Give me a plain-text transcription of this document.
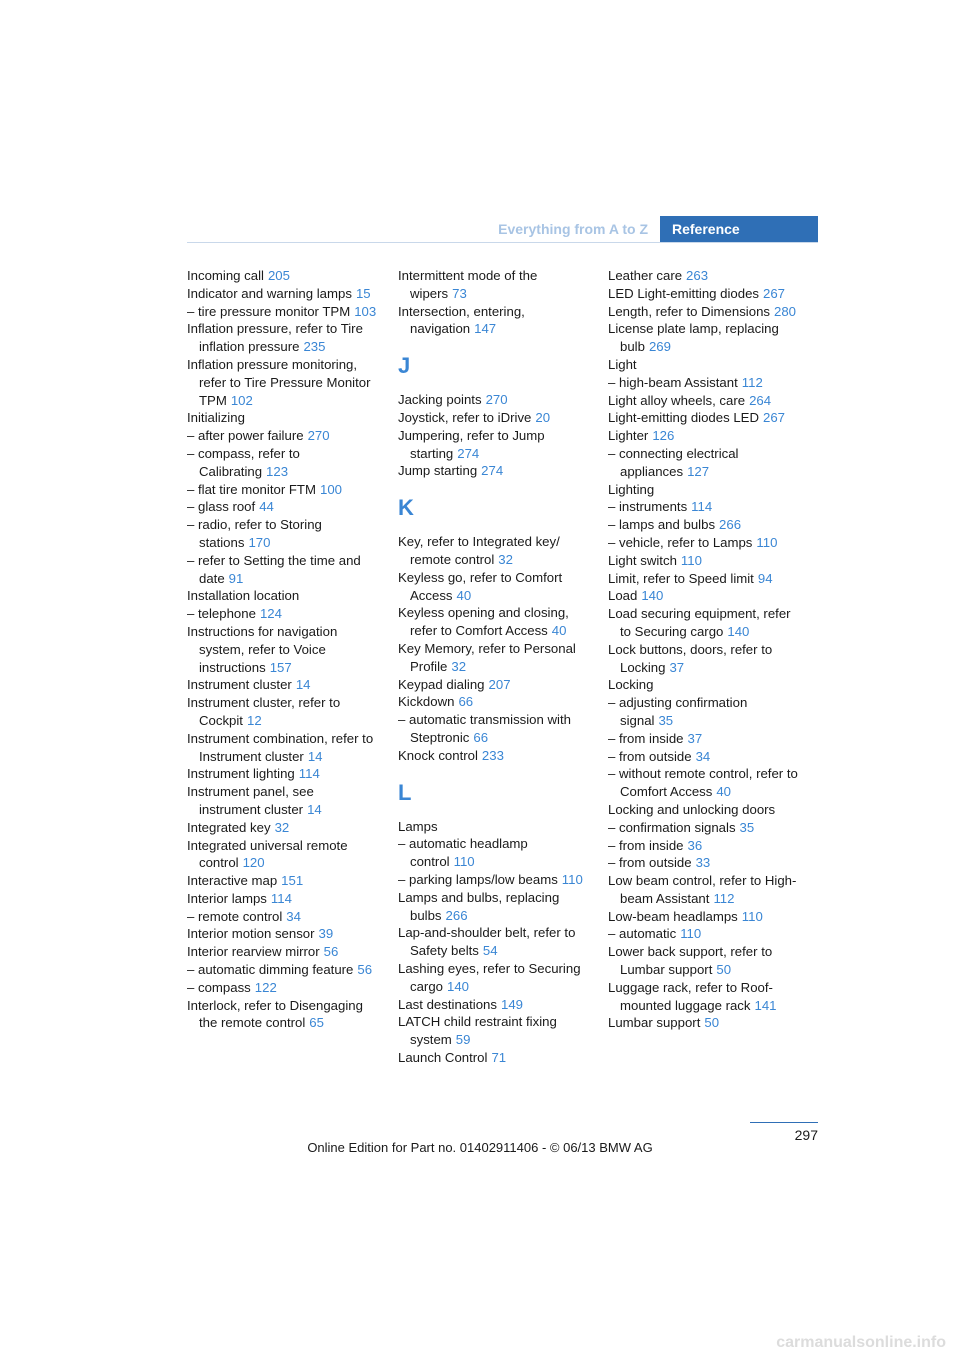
Everything from A to Z	Reference
Incoming call 205
Indicator and warning lamps 15
– tire pressure monitor TPM 103
Inflation pressure, refer to Tire inflation pressure 235
Inflation pressure monitoring, refer to Tire Pressure Monitor TPM 102
Initializing
– after power failure 270
– compass, refer to Calibrating 123
– flat tire monitor FTM 100
– glass roof 44
– radio, refer to Storing stations 170
– refer to Setting the time and date 91
Installation location
– telephone 124
Instructions for navigation system, refer to Voice instructions 157
Instrument cluster 14
Instrument cluster, refer to Cockpit 12
Instrument combination, refer to Instrument cluster 14
Instrument lighting 114
Instrument panel, see instrument cluster 14
Integrated key 32
Integrated universal remote control 120
Interactive map 151
Interior lamps 114
– remote control 34
Interior motion sensor 39
Interior rearview mirror 56
– automatic dimming feature 56
– compass 122
Interlock, refer to Disengaging the remote control 65
Intermittent mode of the wipers 73
Intersection, entering, navigation 147
J
Jacking points 270
Joystick, refer to iDrive 20
Jumpering, refer to Jump starting 274
Jump starting 274
K
Key, refer to Integrated key/ remote control 32
Keyless go, refer to Comfort Access 40
Keyless opening and closing, refer to Comfort Access 40
Key Memory, refer to Personal Profile 32
Keypad dialing 207
Kickdown 66
– automatic transmission with Steptronic 66
Knock control 233
L
Lamps
– automatic headlamp control 110
– parking lamps/low beams 110
Lamps and bulbs, replacing bulbs 266
Lap-and-shoulder belt, refer to Safety belts 54
Lashing eyes, refer to Securing cargo 140
Last destinations 149
LATCH child restraint fixing system 59
Launch Control 71
Leather care 263
LED Light-emitting diodes 267
Length, refer to Dimensions 280
License plate lamp, replacing bulb 269
Light
– high-beam Assistant 112
Light alloy wheels, care 264
Light-emitting diodes LED 267
Lighter 126
– connecting electrical appliances 127
Lighting
– instruments 114
– lamps and bulbs 266
– vehicle, refer to Lamps 110
Light switch 110
Limit, refer to Speed limit 94
Load 140
Load securing equipment, refer to Securing cargo 140
Lock buttons, doors, refer to Locking 37
Locking
– adjusting confirmation signal 35
– from inside 37
– from outside 34
– without remote control, refer to Comfort Access 40
Locking and unlocking doors
– confirmation signals 35
– from inside 36
– from outside 33
Low beam control, refer to High-beam Assistant 112
Low-beam headlamps 110
– automatic 110
Lower back support, refer to Lumbar support 50
Luggage rack, refer to Roof-mounted luggage rack 141
Lumbar support 50
297
Online Edition for Part no. 01402911406 - © 06/13 BMW AG
carmanualsonline.info
